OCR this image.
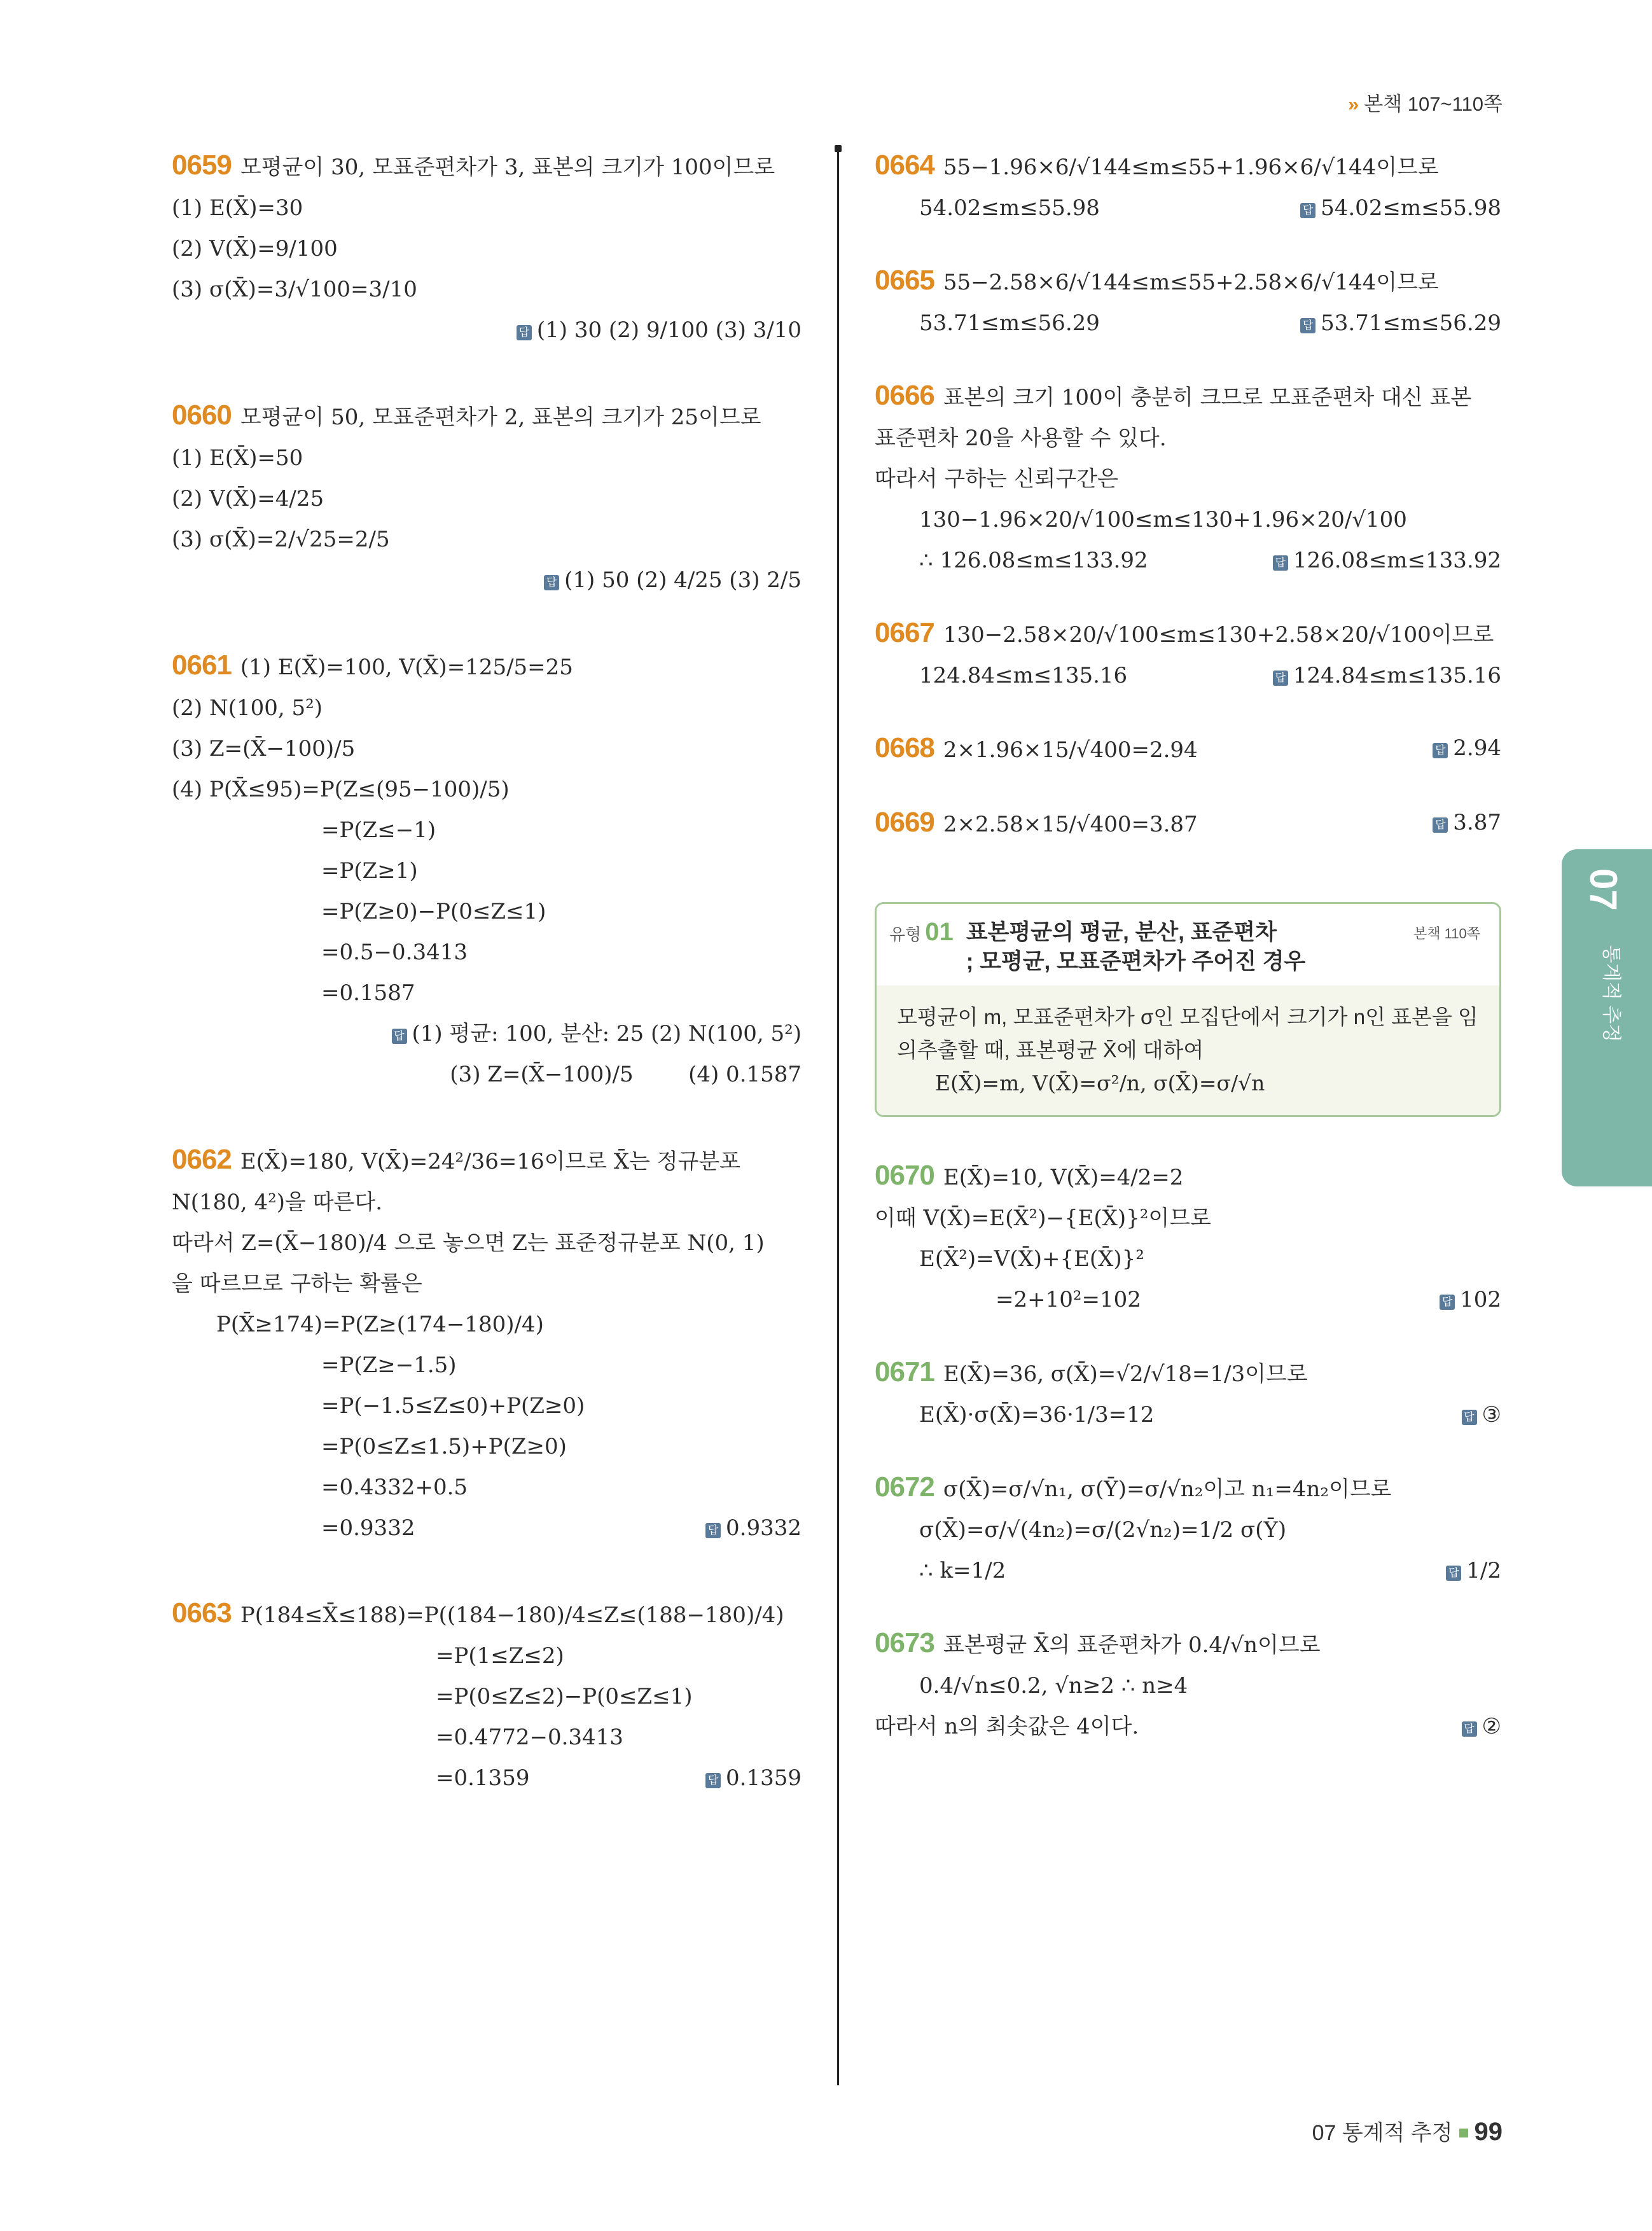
» 본책 107~110쪽
0659 모평균이 30, 모표준편차가 3, 표본의 크기가 100이므로
(1) E(X̄)=30
(2) V(X̄)=9/100
(3) σ(X̄)=3/√100=3/10
답 (1) 30 (2) 9/100 (3) 3/10
0660 모평균이 50, 모표준편차가 2, 표본의 크기가 25이므로
(1) E(X̄)=50
(2) V(X̄)=4/25
(3) σ(X̄)=2/√25=2/5
답 (1) 50 (2) 4/25 (3) 2/5
0661 (1) E(X̄)=100, V(X̄)=125/5=25
(2) N(100, 5²)
(3) Z=(X̄−100)/5
(4) P(X̄≤95)=P(Z≤(95−100)/5)
=P(Z≤−1)
=P(Z≥1)
=P(Z≥0)−P(0≤Z≤1)
=0.5−0.3413
=0.1587
답 (1) 평균: 100, 분산: 25 (2) N(100, 5²)
(3) Z=(X̄−100)/5	(4) 0.1587
0662 E(X̄)=180, V(X̄)=24²/36=16이므로 X̄는 정규분포
N(180, 4²)을 따른다.
따라서 Z=(X̄−180)/4 으로 놓으면 Z는 표준정규분포 N(0, 1)
을 따르므로 구하는 확률은
P(X̄≥174)=P(Z≥(174−180)/4)
=P(Z≥−1.5)
=P(−1.5≤Z≤0)+P(Z≥0)
=P(0≤Z≤1.5)+P(Z≥0)
=0.4332+0.5
=0.9332	답 0.9332
0663 P(184≤X̄≤188)=P((184−180)/4≤Z≤(188−180)/4)
=P(1≤Z≤2)
=P(0≤Z≤2)−P(0≤Z≤1)
=0.4772−0.3413
=0.1359	답 0.1359
0664 55−1.96×6/√144≤m≤55+1.96×6/√144이므로
54.02≤m≤55.98	답 54.02≤m≤55.98
0665 55−2.58×6/√144≤m≤55+2.58×6/√144이므로
53.71≤m≤56.29	답 53.71≤m≤56.29
0666 표본의 크기 100이 충분히 크므로 모표준편차 대신 표본
표준편차 20을 사용할 수 있다.
따라서 구하는 신뢰구간은
130−1.96×20/√100≤m≤130+1.96×20/√100
∴ 126.08≤m≤133.92	답 126.08≤m≤133.92
0667 130−2.58×20/√100≤m≤130+2.58×20/√100이므로
124.84≤m≤135.16	답 124.84≤m≤135.16
0668 2×1.96×15/√400=2.94	답 2.94
0669 2×2.58×15/√400=3.87	답 3.87
유형 01 표본평균의 평균, 분산, 표준편차
; 모평균, 모표준편차가 주어진 경우
본책 110쪽
모평균이 m, 모표준편차가 σ인 모집단에서 크기가 n인 표본을 임
의추출할 때, 표본평균 X̄에 대하여
E(X̄)=m, V(X̄)=σ²/n, σ(X̄)=σ/√n
0670 E(X̄)=10, V(X̄)=4/2=2
이때 V(X̄)=E(X̄²)−{E(X̄)}²이므로
E(X̄²)=V(X̄)+{E(X̄)}²
=2+10²=102	답 102
0671 E(X̄)=36, σ(X̄)=√2/√18=1/3이므로
E(X̄)·σ(X̄)=36·1/3=12	답 ③
0672 σ(X̄)=σ/√n₁, σ(Ȳ)=σ/√n₂이고 n₁=4n₂이므로
σ(X̄)=σ/√(4n₂)=σ/(2√n₂)=1/2 σ(Ȳ)
∴ k=1/2	답 1/2
0673 표본평균 X̄의 표준편차가 0.4/√n이므로
0.4/√n≤0.2, √n≥2 ∴ n≥4
따라서 n의 최솟값은 4이다.	답 ②
07
통계적 추정
07 통계적 추정 99
